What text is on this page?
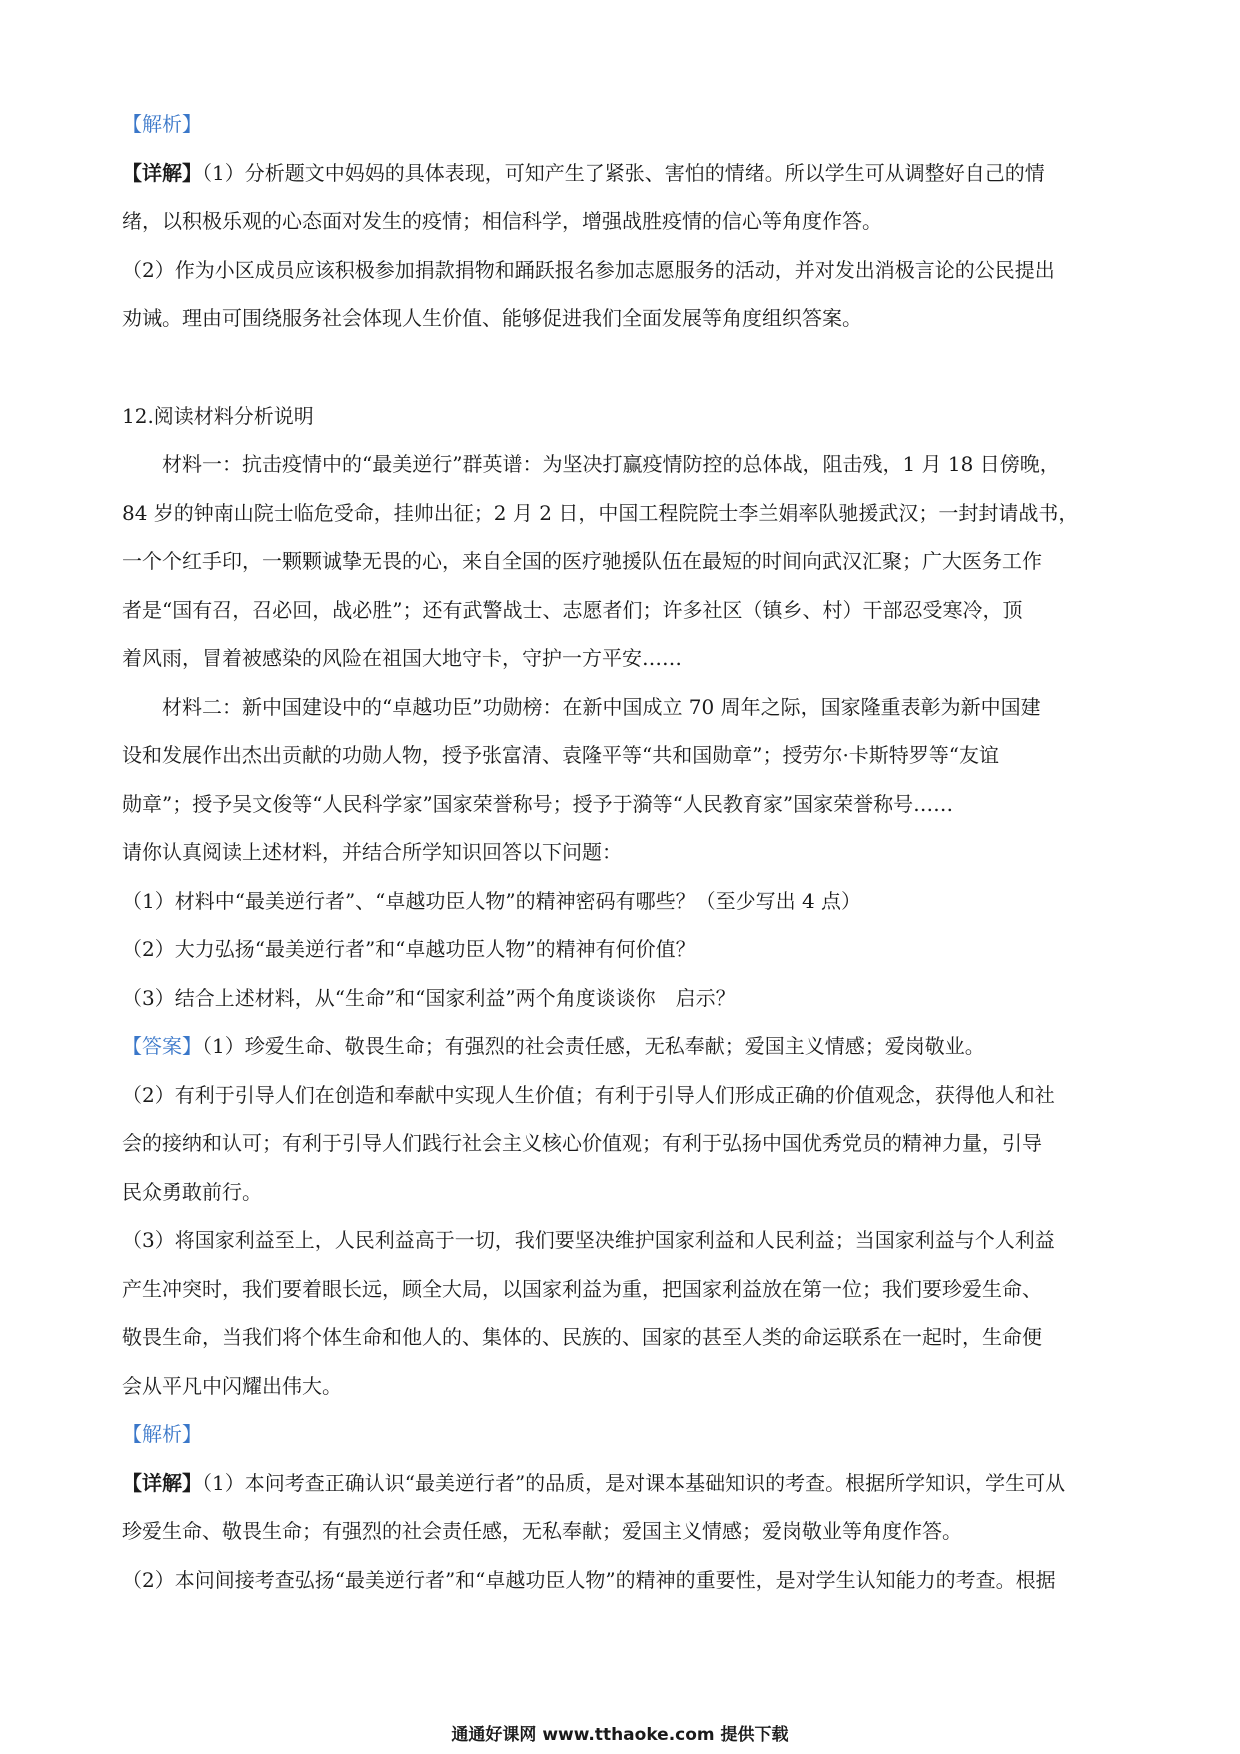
【解析】

【详解】（1）分析题文中妈妈的具体表现，可知产生了紧张、害怕的情绪。所以学生可从调整好自己的情

绪，以积极乐观的心态面对发生的疫情；相信科学，增强战胜疫情的信心等角度作答。

（2）作为小区成员应该积极参加捐款捐物和踊跃报名参加志愿服务的活动，并对发出消极言论的公民提出

劝诫。理由可围绕服务社会体现人生价值、能够促进我们全面发展等角度组织答案。

12.阅读材料分析说明

材料一：抗击疫情中的“最美逆行”群英谱：为坚决打赢疫情防控的总体战，阻击残，1 月 18 日傍晚，

84 岁的钟南山院士临危受命，挂帅出征；2 月 2 日，中国工程院院士李兰娟率队驰援武汉；一封封请战书，

一个个红手印，一颗颗诚挚无畏的心，来自全国的医疗驰援队伍在最短的时间向武汉汇聚；广大医务工作

者是“国有召，召必回，战必胜”；还有武警战士、志愿者们；许多社区（镇乡、村）干部忍受寒冷，顶

着风雨，冒着被感染的风险在祖国大地守卡，守护一方平安……

材料二：新中国建设中的“卓越功臣”功勋榜：在新中国成立 70 周年之际，国家隆重表彰为新中国建

设和发展作出杰出贡献的功勋人物，授予张富清、袁隆平等“共和国勋章”；授劳尔·卡斯特罗等“友谊

勋章”；授予吴文俊等“人民科学家”国家荣誉称号；授予于漪等“人民教育家”国家荣誉称号……

请你认真阅读上述材料，并结合所学知识回答以下问题：

（1）材料中“最美逆行者”、“卓越功臣人物”的精神密码有哪些？（至少写出 4 点）

（2）大力弘扬“最美逆行者”和“卓越功臣人物”的精神有何价值？

（3）结合上述材料，从“生命”和“国家利益”两个角度谈谈你　启示？

【答案】（1）珍爱生命、敬畏生命；有强烈的社会责任感，无私奉献；爱国主义情感；爱岗敬业。

（2）有利于引导人们在创造和奉献中实现人生价值；有利于引导人们形成正确的价值观念，获得他人和社

会的接纳和认可；有利于引导人们践行社会主义核心价值观；有利于弘扬中国优秀党员的精神力量，引导

民众勇敢前行。

（3）将国家利益至上，人民利益高于一切，我们要坚决维护国家利益和人民利益；当国家利益与个人利益

产生冲突时，我们要着眼长远，顾全大局，以国家利益为重，把国家利益放在第一位；我们要珍爱生命、

敬畏生命，当我们将个体生命和他人的、集体的、民族的、国家的甚至人类的命运联系在一起时，生命便

会从平凡中闪耀出伟大。

【解析】

【详解】（1）本问考查正确认识“最美逆行者”的品质，是对课本基础知识的考查。根据所学知识，学生可从

珍爱生命、敬畏生命；有强烈的社会责任感，无私奉献；爱国主义情感；爱岗敬业等角度作答。

（2）本问间接考查弘扬“最美逆行者”和“卓越功臣人物”的精神的重要性，是对学生认知能力的考查。根据

通通好课网 www.tthaoke.com 提供下载
